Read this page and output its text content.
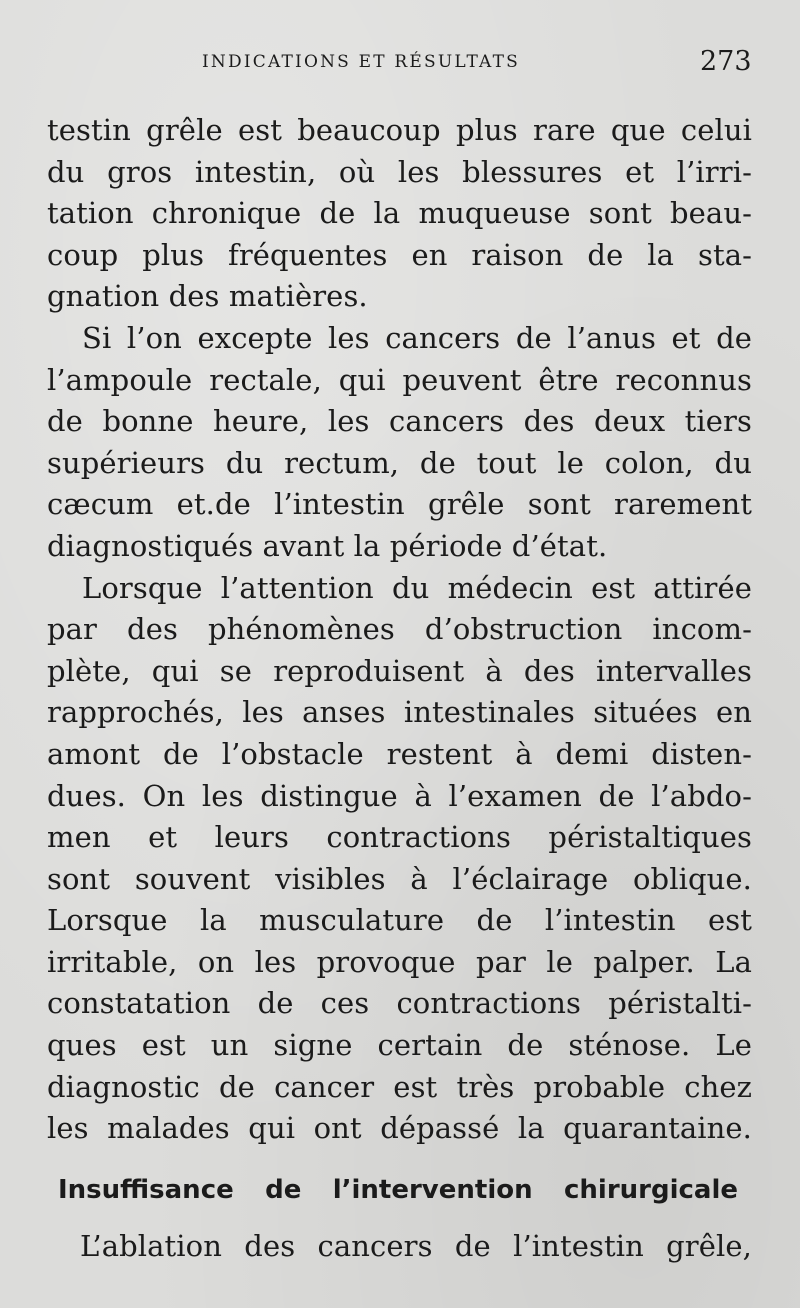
INDICATIONS ET RÉSULTATS	273
testin grêle est beaucoup plus rare que celui
du gros intestin, où les blessures et l’irri-
tation chronique de la muqueuse sont beau-
coup plus fréquentes en raison de la sta-
gnation des matières.
Si l’on excepte les cancers de l’anus et de
l’ampoule rectale, qui peuvent être reconnus
de bonne heure, les cancers des deux tiers
supérieurs du rectum, de tout le colon, du
cæcum et.de l’intestin grêle sont rarement
diagnostiqués avant la période d’état.
Lorsque l’attention du médecin est attirée
par des phénomènes d’obstruction incom-
plète, qui se reproduisent à des intervalles
rapprochés, les anses intestinales situées en
amont de l’obstacle restent à demi disten-
dues. On les distingue à l’examen de l’abdo-
men et leurs contractions péristaltiques
sont souvent visibles à l’éclairage oblique.
Lorsque la musculature de l’intestin est
irritable, on les provoque par le palper. La
constatation de ces contractions péristalti-
ques est un signe certain de sténose. Le
diagnostic de cancer est très probable chez
les malades qui ont dépassé la quarantaine.
Insuffisance de l’intervention chirurgicale
L’ablation des cancers de l’intestin grêle,
